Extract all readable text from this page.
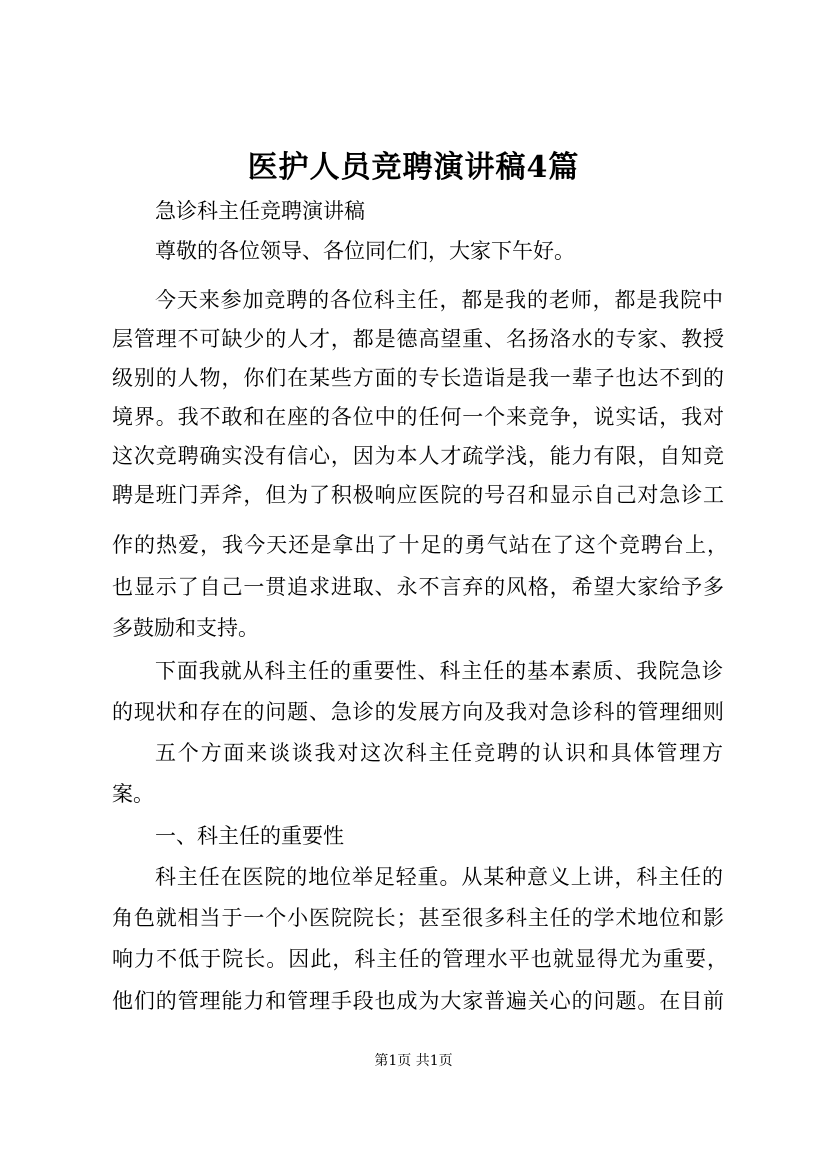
医护人员竞聘演讲稿4篇
急诊科主任竞聘演讲稿
尊敬的各位领导、各位同仁们，大家下午好。
今天来参加竞聘的各位科主任，都是我的老师，都是我院中
层管理不可缺少的人才，都是德高望重、名扬洛水的专家、教授
级别的人物，你们在某些方面的专长造诣是我一辈子也达不到的
境界。我不敢和在座的各位中的任何一个来竞争，说实话，我对
这次竞聘确实没有信心，因为本人才疏学浅，能力有限，自知竞
聘是班门弄斧，但为了积极响应医院的号召和显示自己对急诊工
作的热爱，我今天还是拿出了十足的勇气站在了这个竞聘台上，
也显示了自己一贯追求进取、永不言弃的风格，希望大家给予多
多鼓励和支持。
下面我就从科主任的重要性、科主任的基本素质、我院急诊
的现状和存在的问题、急诊的发展方向及我对急诊科的管理细则
五个方面来谈谈我对这次科主任竞聘的认识和具体管理方
案。
一、科主任的重要性
科主任在医院的地位举足轻重。从某种意义上讲，科主任的
角色就相当于一个小医院院长；甚至很多科主任的学术地位和影
响力不低于院长。因此，科主任的管理水平也就显得尤为重要，
他们的管理能力和管理手段也成为大家普遍关心的问题。在目前
第1页 共1页
